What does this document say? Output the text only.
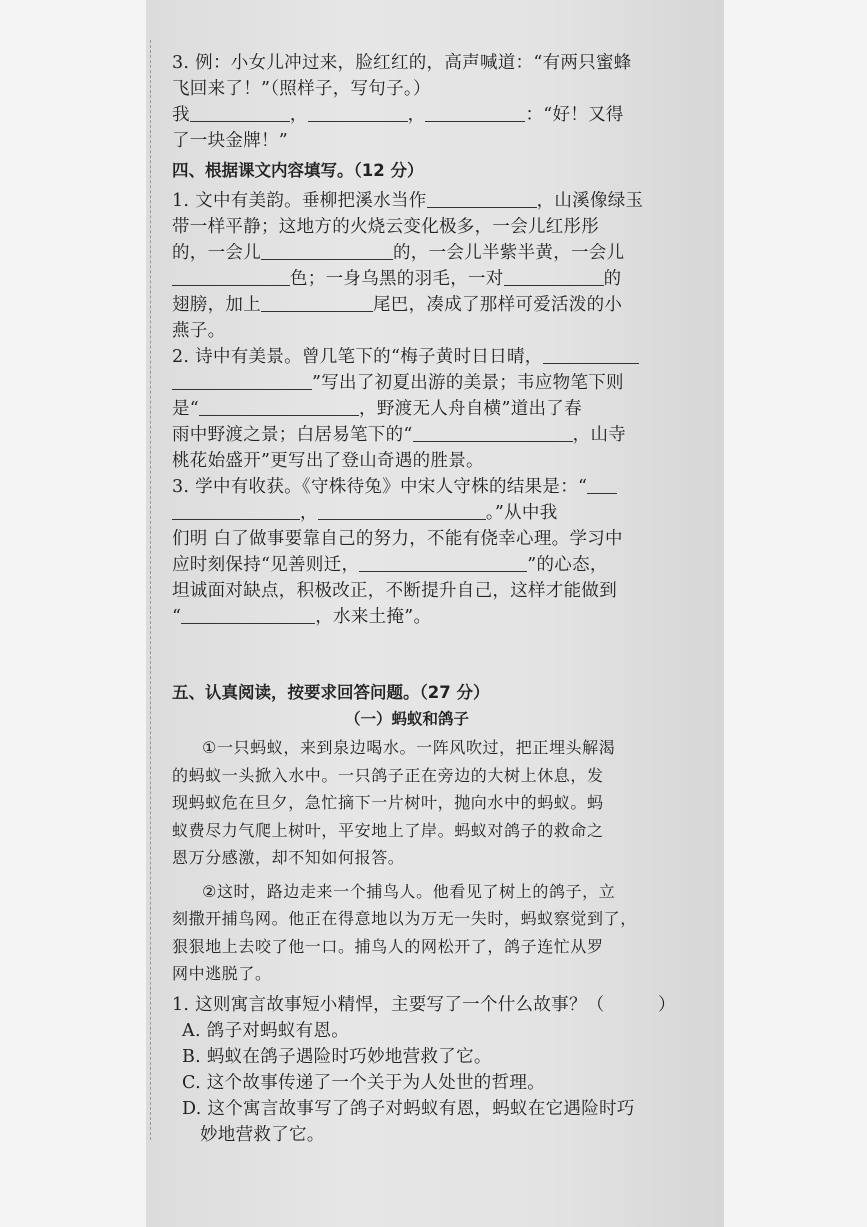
3. 例：小女儿冲过来，脸红红的，高声喊道：“有两只蜜蜂
飞回来了！”（照样子，写句子。）
我	，	，	：“好！又得
了一块金牌！”
四、根据课文内容填写。（12 分）
1. 文中有美韵。垂柳把溪水当作	，山溪像绿玉
带一样平静；这地方的火烧云变化极多，一会儿红彤彤
的，一会儿	的，一会儿半紫半黄，一会儿
色；一身乌黑的羽毛，一对	的
翅膀，加上	尾巴，凑成了那样可爱活泼的小
燕子。
2. 诗中有美景。曾几笔下的“梅子黄时日日晴，
”写出了初夏出游的美景；韦应物笔下则
是“	，野渡无人舟自横”道出了春
雨中野渡之景；白居易笔下的“	，山寺
桃花始盛开”更写出了登山奇遇的胜景。
3. 学中有收获。《守株待兔》中宋人守株的结果是：“
，	。”从中我
们明 白了做事要靠自己的努力，不能有侥幸心理。学习中
应时刻保持“见善则迁，	”的心态，
坦诚面对缺点，积极改正，不断提升自己，这样才能做到
“	，水来土掩”。
五、认真阅读，按要求回答问题。（27 分）
（一）蚂蚁和鸽子
①一只蚂蚁，来到泉边喝水。一阵风吹过，把正埋头解渴
的蚂蚁一头掀入水中。一只鸽子正在旁边的大树上休息，发
现蚂蚁危在旦夕，急忙摘下一片树叶，抛向水中的蚂蚁。蚂
蚁费尽力气爬上树叶，平安地上了岸。蚂蚁对鸽子的救命之
恩万分感激，却不知如何报答。
②这时，路边走来一个捕鸟人。他看见了树上的鸽子，立
刻撒开捕鸟网。他正在得意地以为万无一失时，蚂蚁察觉到了，
狠狠地上去咬了他一口。捕鸟人的网松开了，鸽子连忙从罗
网中逃脱了。
1. 这则寓言故事短小精悍，主要写了一个什么故事？（　　　）
A. 鸽子对蚂蚁有恩。
B. 蚂蚁在鸽子遇险时巧妙地营救了它。
C. 这个故事传递了一个关于为人处世的哲理。
D. 这个寓言故事写了鸽子对蚂蚁有恩，蚂蚁在它遇险时巧
妙地营救了它。
